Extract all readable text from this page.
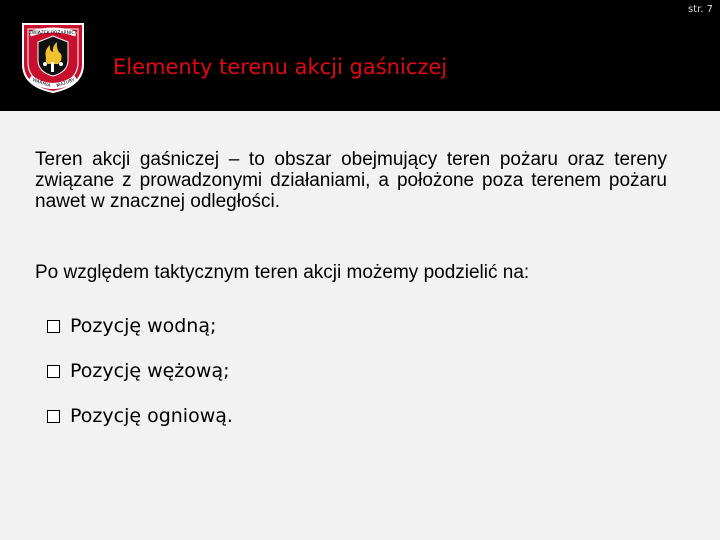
str. 7
ZWIĄZEK POŻARNICY
WARMIA MAZURY
Elementy terenu akcji gaśniczej

Teren akcji gaśniczej – to obszar obejmujący teren pożaru oraz tereny związane z prowadzonymi działaniami, a położone poza terenem pożaru nawet w znacznej odległości.

Po względem taktycznym teren akcji możemy podzielić na:

Pozycję wodną;
Pozycję wężową;
Pozycję ogniową.
